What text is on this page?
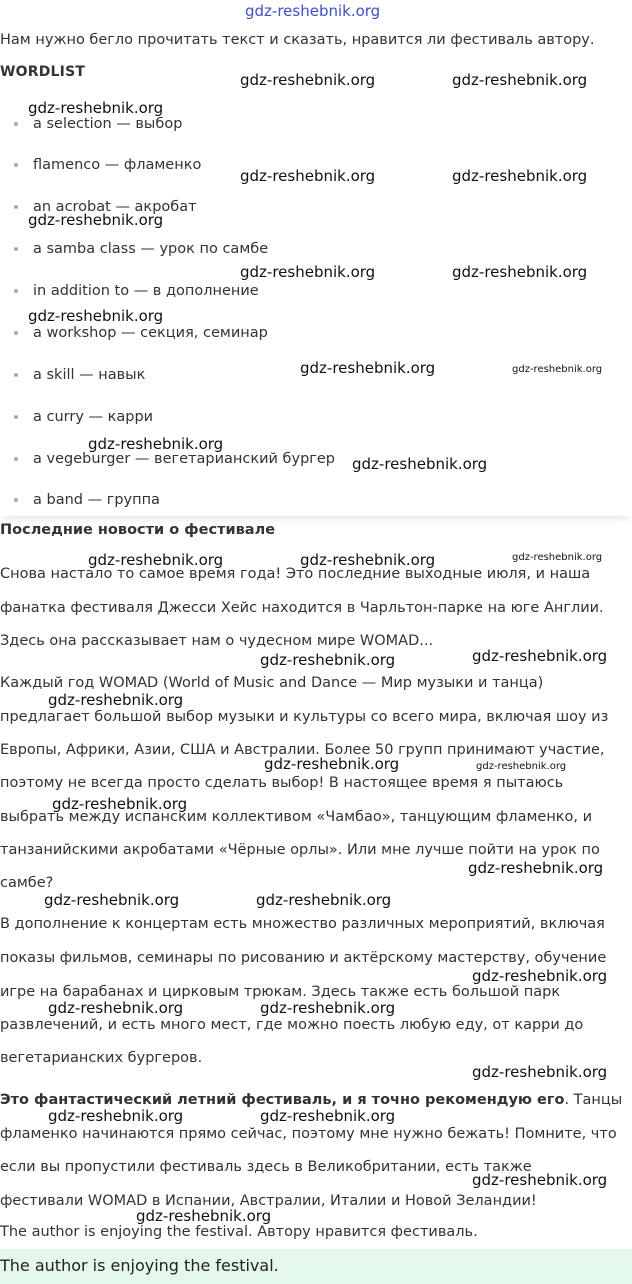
gdz-reshebnik.org
Нам нужно бегло прочитать текст и сказать, нравится ли фестиваль автору.
WORDLIST
a selection — выбор
flamenco — фламенко
an acrobat — акробат
a samba class — урок по самбе
in addition to — в дополнение
a workshop — секция, семинар
a skill — навык
a curry — карри
a vegeburger — вегетарианский бургер
a band — группа
Последние новости о фестивале
Снова настало то самое время года! Это последние выходные июля, и наша
фанатка фестиваля Джесси Хейс находится в Чарльтон-парке на юге Англии.
Здесь она рассказывает нам о чудесном мире WOMAD...
Каждый год WOMAD (World of Music and Dance — Мир музыки и танца)
предлагает большой выбор музыки и культуры со всего мира, включая шоу из
Европы, Африки, Азии, США и Австралии. Более 50 групп принимают участие,
поэтому не всегда просто сделать выбор! В настоящее время я пытаюсь
выбрать между испанским коллективом «Чамбао», танцующим фламенко, и
танзанийскими акробатами «Чёрные орлы». Или мне лучше пойти на урок по
самбе?
В дополнение к концертам есть множество различных мероприятий, включая
показы фильмов, семинары по рисованию и актёрскому мастерству, обучение
игре на барабанах и цирковым трюкам. Здесь также есть большой парк
развлечений, и есть много мест, где можно поесть любую еду, от карри до
вегетарианских бургеров.
Это фантастический летний фестиваль, и я точно рекомендую его. Танцы
фламенко начинаются прямо сейчас, поэтому мне нужно бежать! Помните, что
если вы пропустили фестиваль здесь в Великобритании, есть также
фестивали WOMAD в Испании, Австралии, Италии и Новой Зеландии!
The author is enjoying the festival. Автору нравится фестиваль.
The author is enjoying the festival.
gdz-reshebnik.org	gdz-reshebnik.org
gdz-reshebnik.org
gdz-reshebnik.org	gdz-reshebnik.org
gdz-reshebnik.org
gdz-reshebnik.org	gdz-reshebnik.org
gdz-reshebnik.org
gdz-reshebnik.org	gdz-reshebnik.org
gdz-reshebnik.org
gdz-reshebnik.org
gdz-reshebnik.org	gdz-reshebnik.org	gdz-reshebnik.org
gdz-reshebnik.org	gdz-reshebnik.org
gdz-reshebnik.org
gdz-reshebnik.org	gdz-reshebnik.org
gdz-reshebnik.org
gdz-reshebnik.org
gdz-reshebnik.org	gdz-reshebnik.org
gdz-reshebnik.org
gdz-reshebnik.org	gdz-reshebnik.org
gdz-reshebnik.org
gdz-reshebnik.org	gdz-reshebnik.org
gdz-reshebnik.org
gdz-reshebnik.org
